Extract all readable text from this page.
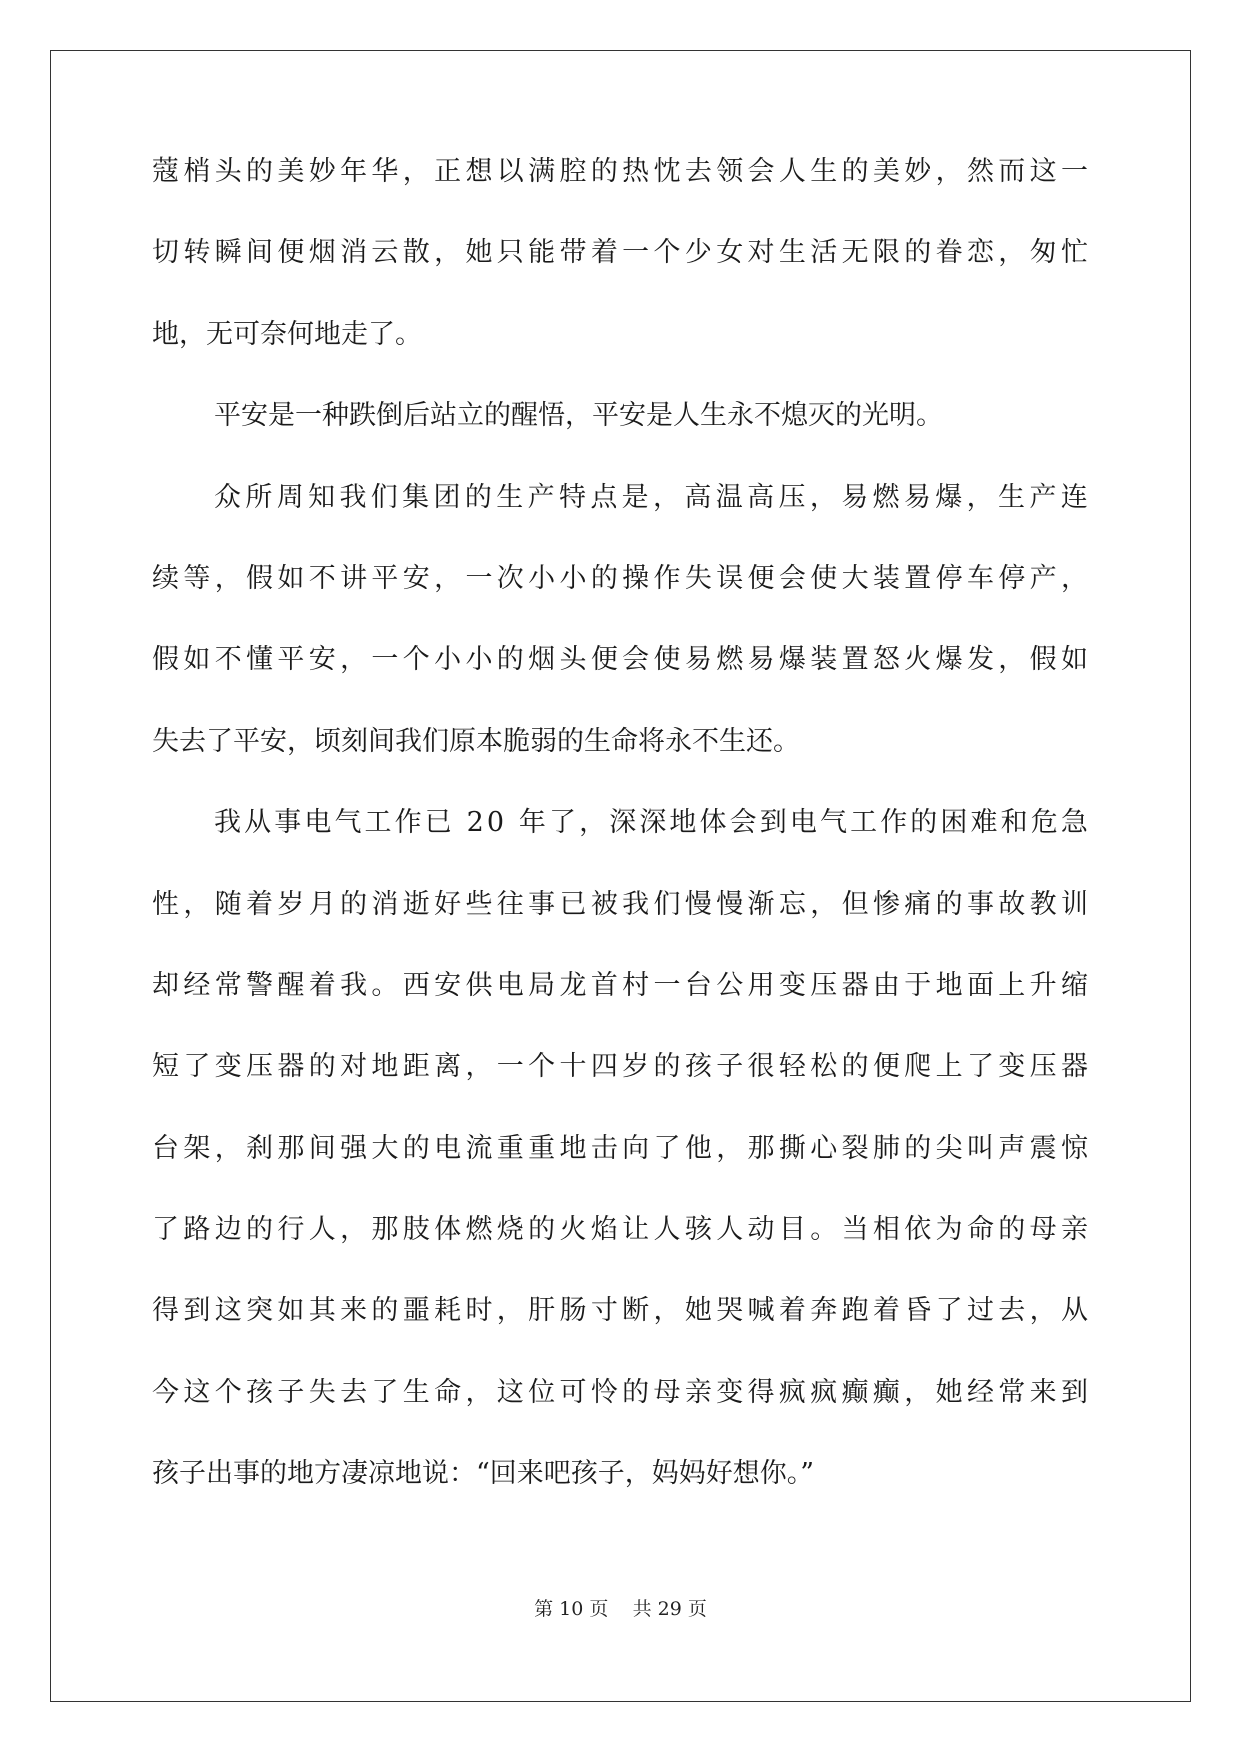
蔻 梢 头 的 美 妙 年 华 ， 正 想 以 满 腔 的 热 忱 去 领 会 人 生 的 美 妙 ， 然 而 这 一
切 转 瞬 间 便 烟 消 云 散 ， 她 只 能 带 着 一 个 少 女 对 生 活 无 限 的 眷 恋 ， 匆 忙
地，无可奈何地走了。
平安是一种跌倒后站立的醒悟，平安是人生永不熄灭的光明。
众 所 周 知 我 们 集 团 的 生 产 特 点 是 ， 高 温 高 压 ， 易 燃 易 爆 ， 生 产 连
续 等 ， 假 如 不 讲 平 安 ， 一 次 小 小 的 操 作 失 误 便 会 使 大 装 置 停 车 停 产 ，
假 如 不 懂 平 安 ， 一 个 小 小 的 烟 头 便 会 使 易 燃 易 爆 装 置 怒 火 爆 发 ， 假 如
失去了平安，顷刻间我们原本脆弱的生命将永不生还。
我 从 事 电 气 工 作 已
2 0
年 了 ， 深 深 地 体 会 到 电 气 工 作 的 困 难 和 危 急
性 ， 随 着 岁 月 的 消 逝 好 些 往 事 已 被 我 们 慢 慢 渐 忘 ， 但 惨 痛 的 事 故 教 训
却 经 常 警 醒 着 我 。 西 安 供 电 局 龙 首 村 一 台 公 用 变 压 器 由 于 地 面 上 升 缩
短 了 变 压 器 的 对 地 距 离 ， 一 个 十 四 岁 的 孩 子 很 轻 松 的 便 爬 上 了 变 压 器
台 架 ， 刹 那 间 强 大 的 电 流 重 重 地 击 向 了 他 ， 那 撕 心 裂 肺 的 尖 叫 声 震 惊
了 路 边 的 行 人 ， 那 肢 体 燃 烧 的 火 焰 让 人 骇 人 动 目 。 当 相 依 为 命 的 母 亲
得 到 这 突 如 其 来 的 噩 耗 时 ， 肝 肠 寸 断 ， 她 哭 喊 着 奔 跑 着 昏 了 过 去 ， 从
今 这 个 孩 子 失 去 了 生 命 ， 这 位 可 怜 的 母 亲 变 得 疯 疯 癫 癫 ， 她 经 常 来 到
孩子出事的地方凄凉地说：“回来吧孩子，妈妈好想你。”
第 10 页 共 29 页
